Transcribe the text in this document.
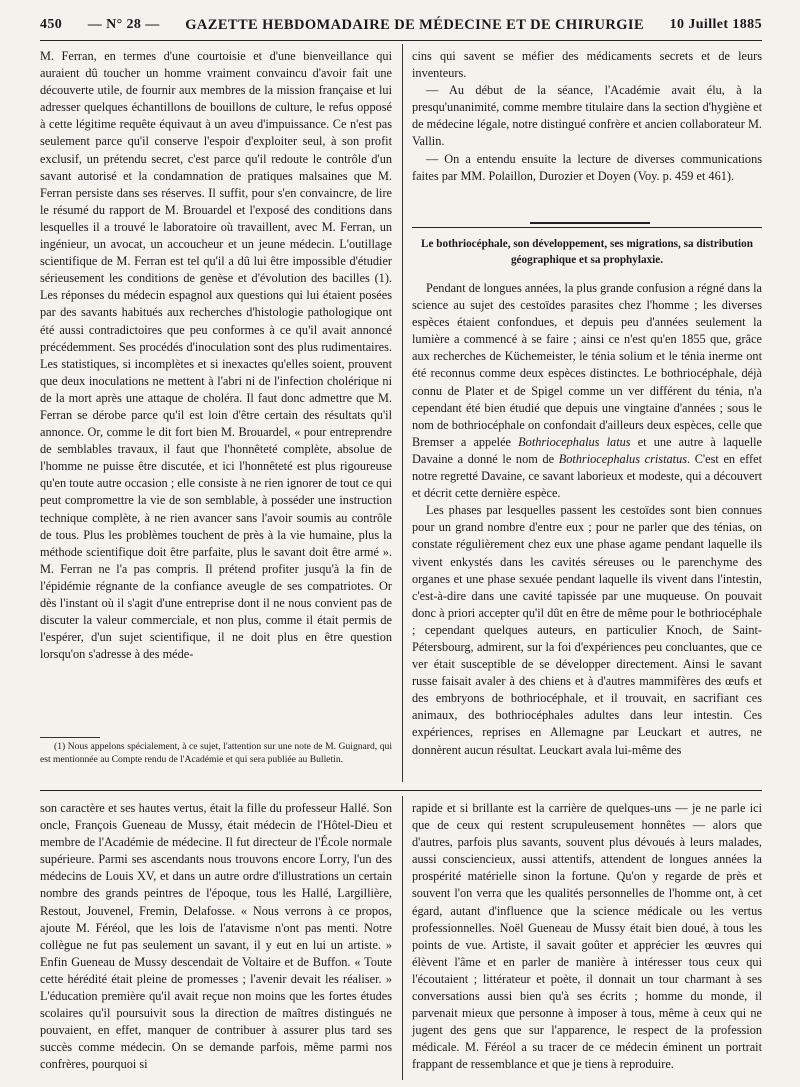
450 — N° 28 — GAZETTE HEBDOMADAIRE DE MÉDECINE ET DE CHIRURGIE 10 Juillet 1885

M. Ferran, en termes d'une courtoisie et d'une bienveillance qui auraient dû toucher un homme vraiment convaincu d'avoir fait une découverte utile, de fournir aux membres de la mission française et lui adresser quelques échantillons de bouillons de culture, le refus opposé à cette légitime requête équivaut à un aveu d'impuissance. Ce n'est pas seulement parce qu'il conserve l'espoir d'exploiter seul, à son profit exclusif, un prétendu secret, c'est parce qu'il redoute le contrôle d'un savant autorisé et la condamnation de pratiques malsaines que M. Ferran persiste dans ses réserves. Il suffit, pour s'en convaincre, de lire le résumé du rapport de M. Brouardel et l'exposé des conditions dans lesquelles il a trouvé le laboratoire où travaillent, avec M. Ferran, un ingénieur, un avocat, un accoucheur et un jeune médecin. L'outillage scientifique de M. Ferran est tel qu'il a dû lui être impossible d'étudier sérieusement les conditions de genèse et d'évolution des bacilles (1). Les réponses du médecin espagnol aux questions qui lui étaient posées par des savants habitués aux recherches d'histologie pathologique ont été aussi contradictoires que peu conformes à ce qu'il avait annoncé précédemment. Ses procédés d'inoculation sont des plus rudimentaires. Les statistiques, si incomplètes et si inexactes qu'elles soient, prouvent que deux inoculations ne mettent à l'abri ni de l'infection cholérique ni de la mort après une attaque de choléra. Il faut donc admettre que M. Ferran se dérobe parce qu'il est loin d'être certain des résultats qu'il annonce. Or, comme le dit fort bien M. Brouardel, « pour entreprendre de semblables travaux, il faut que l'honnêteté complète, absolue de l'homme ne puisse être discutée, et ici l'honnêteté est plus rigoureuse qu'en toute autre occasion ; elle consiste à ne rien ignorer de tout ce qui peut compromettre la vie de son semblable, à posséder une instruction technique complète, à ne rien avancer sans l'avoir soumis au contrôle de tous. Plus les problèmes touchent de près à la vie humaine, plus la méthode scientifique doit être parfaite, plus le savant doit être armé ». M. Ferran ne l'a pas compris. Il prétend profiter jusqu'à la fin de l'épidémie régnante de la confiance aveugle de ses compatriotes. Or dès l'instant où il s'agit d'une entreprise dont il ne nous convient pas de discuter la valeur commerciale, et non plus, comme il était permis de l'espérer, d'un sujet scientifique, il ne doit plus en être question lorsqu'on s'adresse à des méde-

(1) Nous appelons spécialement, à ce sujet, l'attention sur une note de M. Guignard, qui est mentionnée au Compte rendu de l'Académie et qui sera publiée au Bulletin.

cins qui savent se méfier des médicaments secrets et de leurs inventeurs.

— Au début de la séance, l'Académie avait élu, à la presqu'unanimité, comme membre titulaire dans la section d'hygiène et de médecine légale, notre distingué confrère et ancien collaborateur M. Vallin.

— On a entendu ensuite la lecture de diverses communications faites par MM. Polaillon, Durozier et Doyen (Voy. p. 459 et 461).

Le bothriocéphale, son développement, ses migrations, sa distribution géographique et sa prophylaxie.

Pendant de longues années, la plus grande confusion a régné dans la science au sujet des cestoïdes parasites chez l'homme ; les diverses espèces étaient confondues, et depuis peu d'années seulement la lumière a commencé à se faire ; ainsi ce n'est qu'en 1855 que, grâce aux recherches de Küchemeister, le ténia solium et le ténia inerme ont été reconnus comme deux espèces distinctes. Le bothriocéphale, déjà connu de Plater et de Spigel comme un ver différent du ténia, n'a cependant été bien étudié que depuis une vingtaine d'années ; sous le nom de bothriocéphale on confondait d'ailleurs deux espèces, celle que Bremser a appelée Bothriocephalus latus et une autre à laquelle Davaine a donné le nom de Bothriocephalus cristatus. C'est en effet notre regretté Davaine, ce savant laborieux et modeste, qui a découvert et décrit cette dernière espèce.

Les phases par lesquelles passent les cestoïdes sont bien connues pour un grand nombre d'entre eux ; pour ne parler que des ténias, on constate régulièrement chez eux une phase agame pendant laquelle ils vivent enkystés dans les cavités séreuses ou le parenchyme des organes et une phase sexuée pendant laquelle ils vivent dans l'intestin, c'est-à-dire dans une cavité tapissée par une muqueuse. On pouvait donc à priori accepter qu'il dût en être de même pour le bothriocéphale ; cependant quelques auteurs, en particulier Knoch, de Saint-Pétersbourg, admirent, sur la foi d'expériences peu concluantes, que ce ver était susceptible de se développer directement. Ainsi le savant russe faisait avaler à des chiens et à d'autres mammifères des œufs et des embryons de bothriocéphale, et il trouvait, en sacrifiant ces animaux, des bothriocéphales adultes dans leur intestin. Ces expériences, reprises en Allemagne par Leuckart et autres, ne donnèrent aucun résultat. Leuckart avala lui-même des

son caractère et ses hautes vertus, était la fille du professeur Hallé. Son oncle, François Gueneau de Mussy, était médecin de l'Hôtel-Dieu et membre de l'Académie de médecine. Il fut directeur de l'École normale supérieure. Parmi ses ascendants nous trouvons encore Lorry, l'un des médecins de Louis XV, et dans un autre ordre d'illustrations un certain nombre des grands peintres de l'époque, tous les Hallé, Largillière, Restout, Jouvenel, Fremin, Delafosse. « Nous verrons à ce propos, ajoute M. Féréol, que les lois de l'atavisme n'ont pas menti. Notre collègue ne fut pas seulement un savant, il y eut en lui un artiste. » Enfin Gueneau de Mussy descendait de Voltaire et de Buffon. « Toute cette hérédité était pleine de promesses ; l'avenir devait les réaliser. » L'éducation première qu'il avait reçue non moins que les fortes études scolaires qu'il poursuivit sous la direction de maîtres distingués ne pouvaient, en effet, manquer de contribuer à assurer plus tard ses succès comme médecin. On se demande parfois, même parmi nos confrères, pourquoi si

rapide et si brillante est la carrière de quelques-uns — je ne parle ici que de ceux qui restent scrupuleusement honnêtes — alors que d'autres, parfois plus savants, souvent plus dévoués à leurs malades, aussi consciencieux, aussi attentifs, attendent de longues années la prospérité matérielle sinon la fortune. Qu'on y regarde de près et souvent l'on verra que les qualités personnelles de l'homme ont, à cet égard, autant d'influence que la science médicale ou les vertus professionnelles. Noël Gueneau de Mussy était bien doué, à tous les points de vue. Artiste, il savait goûter et apprécier les œuvres qui élèvent l'âme et en parler de manière à intéresser tous ceux qui l'écoutaient ; littérateur et poète, il donnait un tour charmant à ses conversations aussi bien qu'à ses écrits ; homme du monde, il parvenait mieux que personne à imposer à tous, même à ceux qui ne jugent des gens que sur l'apparence, le respect de la profession médicale. M. Féréol a su tracer de ce médecin éminent un portrait frappant de ressemblance et que je tiens à reproduire.
